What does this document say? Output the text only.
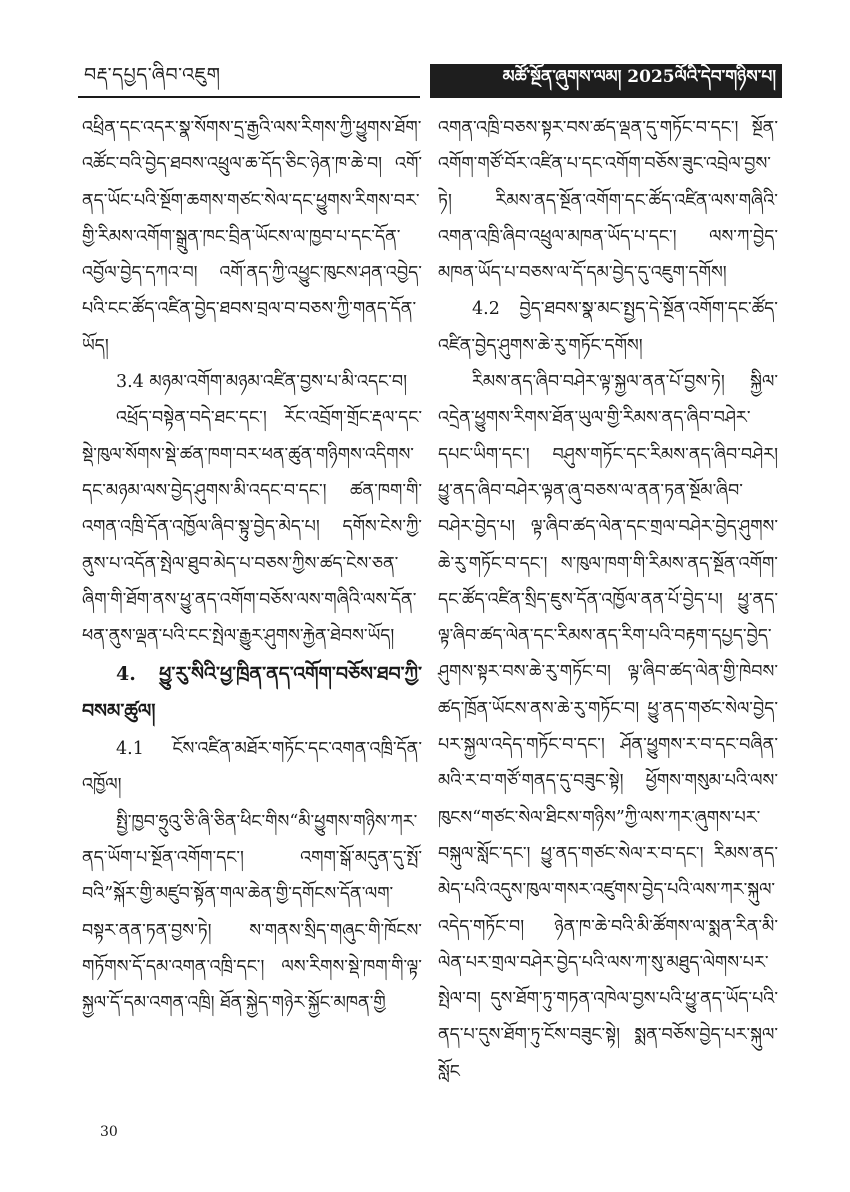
བརྡ་དཔྱད་ཞིབ་འཇུག	མཚོ་སྔོན་ཞུགས་ལམ། 2025ལོའི་དེབ་གཉིས་པ།

འཕྲིན་དང་འདར་སྣ་སོགས་དྲ་རྒྱའི་ལས་རིགས་ཀྱི་ཕྱུགས་ཐོག་འཚོང་བའི་བྱེད་ཐབས་འཕྲུལ་ཆ་དོད་ཅིང་ཉེན་ཁ་ཆེ་བ། འགོ་ནད་ཡོང་པའི་སྔོག་ཆགས་གཙང་སེལ་དང་ཕྱུགས་རིགས་བར་གྱི་རིམས་འགོག་སྒྲུན་ཁང་བྲིན་ཡོངས་ལ་ཁྱབ་པ་དང་དོན་འབྱོལ་བྱེད་དཀའ་བ། འགོ་ནད་ཀྱི་འཕྱུང་ཁུངས་ཤན་འབྱེད་པའི་ངང་ཚོད་འཛིན་བྱེད་ཐབས་བྲལ་བ་བཅས་ཀྱི་གནད་དོན་ཡོད།

3.4 མཉམ་འགོག་མཉམ་འཛིན་བྱས་པ་མི་འདང་བ།

འཕྲོད་བསྟེན་བདེ་ཐང་དང་། རོང་འབྲོག་གྲོང་རྡལ་དང་སྡེ་ཁུལ་སོགས་སྡེ་ཚན་ཁག་བར་ཕན་ཚུན་གཉིགས་འདིགས་དང་མཉམ་ལས་བྱེད་ཤུགས་མི་འདང་བ་དང་། ཚན་ཁག་གི་འགན་འཁྲི་དོན་འཁྱོལ་ཞིབ་སྟུ་བྱེད་མེད་པ། དགོས་ངེས་ཀྱི་ནུས་པ་འདོན་སྤེལ་ཐུབ་མེད་པ་བཅས་ཀྱིས་ཚད་ངེས་ཅན་ཞིག་གི་ཐོག་ནས་ཕྱུ་ནད་འགོག་བཅོས་ལས་གཞིའི་ལས་དོན་ཕན་ནུས་ལྡན་པའི་ངང་སྤེལ་རྒྱུར་ཤུགས་རྐྱེན་ཐེབས་ཡོད།

4. ཕྱུ་རུ་སིའི་ཕྱ་ཁྲིན་ནད་འགོག་བཅོས་ཐབ་ཀྱི་བསམ་ཚུལ།

4.1 ངོས་འཛིན་མཐོར་གཏོང་དང་འགན་འཁྲི་དོན་འཁྱོལ།

སྤྱི་ཁྱབ་ཧྲུའུ་ཅི་ཞི་ཅིན་ཕིང་གིས“མི་ཕྱུགས་གཉིས་ཀར་ནད་ཡོག་པ་སྔོན་འགོག་དང་། འགག་སྒོ་མདུན་དུ་སྤོ་བའི”སྐོར་གྱི་མཛུབ་སྟོན་གལ་ཆེན་གྱི་དགོངས་དོན་ལག་བསྟར་ནན་ཏན་བྱས་ཏེ། ས་གནས་སྲིད་གཞུང་གི་ཁོངས་གཏོགས་དོ་དམ་འགན་འཁྲི་དང་། ལས་རིགས་སྡེ་ཁག་གི་ལྟ་སྐྱལ་དོ་དམ་འགན་འཁྲི། ཐོན་སྐྱེད་གཉེར་སྐྱོང་མཁན་གྱི

འགན་འཁྲི་བཅས་སྟར་བས་ཚད་ལྡན་དུ་གཏོང་བ་དང་། སྔོན་འགོག་གཙོ་བོར་འཛིན་པ་དང་འགོག་བཅོས་ཟུང་འབྲེལ་བྱས་ཏེ། རིམས་ནད་སྔོན་འགོག་དང་ཚོད་འཛིན་ལས་གཞིའི་འགན་འཁྲི་ཞིབ་འཕྲུལ་མཁན་ཡོད་པ་དང་། ལས་ཀ་བྱེད་མཁན་ཡོད་པ་བཅས་ལ་དོ་དམ་བྱེད་དུ་འཇུག་དགོས།

4.2 བྱེད་ཐབས་སྣ་མང་སྤྱད་དེ་སྔོན་འགོག་དང་ཚོད་འཛིན་བྱེད་ཤུགས་ཆེ་རུ་གཏོང་དགོས།

རིམས་ནད་ཞིབ་བཤེར་ལྟ་སྐྱལ་ནན་པོ་བྱས་ཏེ། སྐྱིལ་འདྲེན་ཕྱུགས་རིགས་ཐོན་ཡུལ་གྱི་རིམས་ནད་ཞིབ་བཤེར་དཔང་ཡིག་དང་། བཤུས་གཏོང་དང་རིམས་ནད་ཞིབ་བཤེར། ཕྱུ་ནད་ཞིབ་བཤེར་ལྟན་ཞུ་བཅས་ལ་ནན་ཏན་སྔོམ་ཞིབ་བཤེར་བྱེད་པ། ལྟ་ཞིབ་ཚད་ལེན་དང་གྲལ་བཤེར་བྱེད་ཤུགས་ཆེ་རུ་གཏོང་བ་དང་། ས་ཁུལ་ཁག་གི་རིམས་ནད་སྔོན་འགོག་དང་ཚོད་འཛིན་སྲིད་ཇུས་དོན་འཁྱོལ་ནན་པོ་བྱེད་པ། ཕྱུ་ནད་ལྟ་ཞིབ་ཚད་ལེན་དང་རིམས་ནད་རིག་པའི་བརྟག་དཔྱད་བྱེད་ཤུགས་སྟར་བས་ཆེ་རུ་གཏོང་བ། ལྟ་ཞིབ་ཚད་ལེན་གྱི་ཁེབས་ཚད་ཁྲོན་ཡོངས་ནས་ཆེ་རུ་གཏོང་བ། ཕྱུ་ནད་གཙང་སེལ་བྱེད་པར་སྐྱལ་འདེད་གཏོང་བ་དང་། ཤོན་ཕྱུགས་ར་བ་དང་བཞིན་མའི་ར་བ་གཙོ་གནད་དུ་བཟུང་སྟེ། ཕྱོགས་གསུམ་པའི་ལས་ཁུངས“གཙང་སེལ་ཐིངས་གཉིས”ཀྱི་ལས་ཀར་ཞུགས་པར་བསྐུལ་སློང་དང་། ཕྱུ་ནད་གཙང་སེལ་ར་བ་དང་། རིམས་ནད་མེད་པའི་འདུས་ཁུལ་གསར་འཛུགས་བྱེད་པའི་ལས་ཀར་སྐུལ་འདེད་གཏོང་བ། ཉེན་ཁ་ཆེ་བའི་མི་ཚོགས་ལ་སྨན་རིན་མི་ལེན་པར་གྲལ་བཤེར་བྱེད་པའི་ལས་ཀ་སུ་མཐུད་ལེགས་པར་སྤེལ་བ། དུས་ཐོག་ཏུ་གཏན་འཁེལ་བྱས་པའི་ཕྱུ་ནད་ཡོད་པའི་ནད་པ་དུས་ཐོག་ཏུ་ངོས་བཟུང་སྟེ། སྨན་བཅོས་བྱེད་པར་སྐུལ་སློང

30
